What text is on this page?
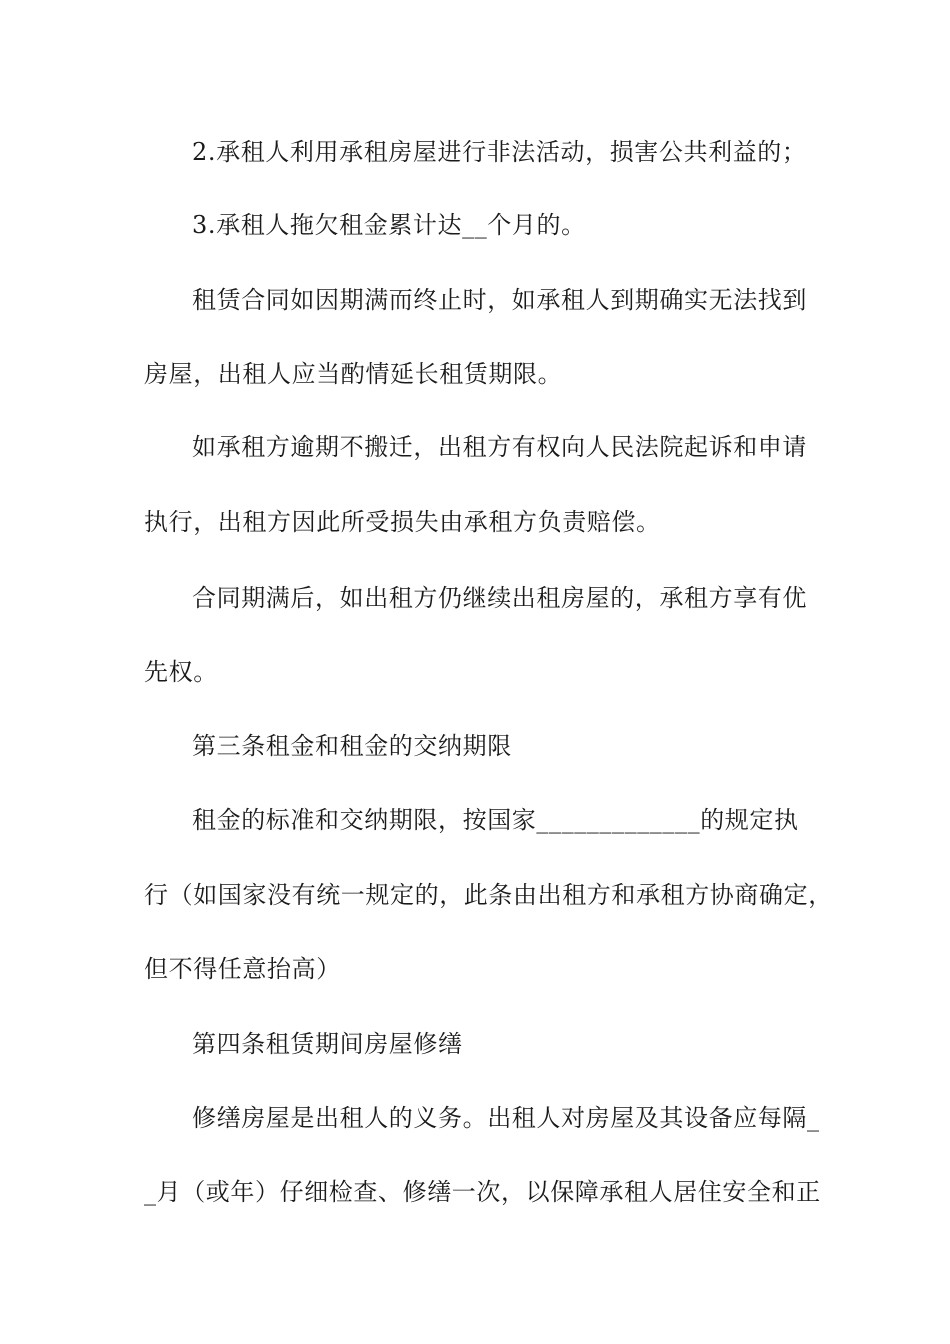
2.承租人利用承租房屋进行非法活动，损害公共利益的；
3.承租人拖欠租金累计达__个月的。
租赁合同如因期满而终止时，如承租人到期确实无法找到
房屋，出租人应当酌情延长租赁期限。
如承租方逾期不搬迁，出租方有权向人民法院起诉和申请
执行，出租方因此所受损失由承租方负责赔偿。
合同期满后，如出租方仍继续出租房屋的，承租方享有优
先权。
第三条租金和租金的交纳期限
租金的标准和交纳期限，按国家_____________的规定执
行（如国家没有统一规定的，此条由出租方和承租方协商确定，
但不得任意抬高）
第四条租赁期间房屋修缮
修缮房屋是出租人的义务。出租人对房屋及其设备应每隔_
_月（或年）仔细检查、修缮一次，以保障承租人居住安全和正
